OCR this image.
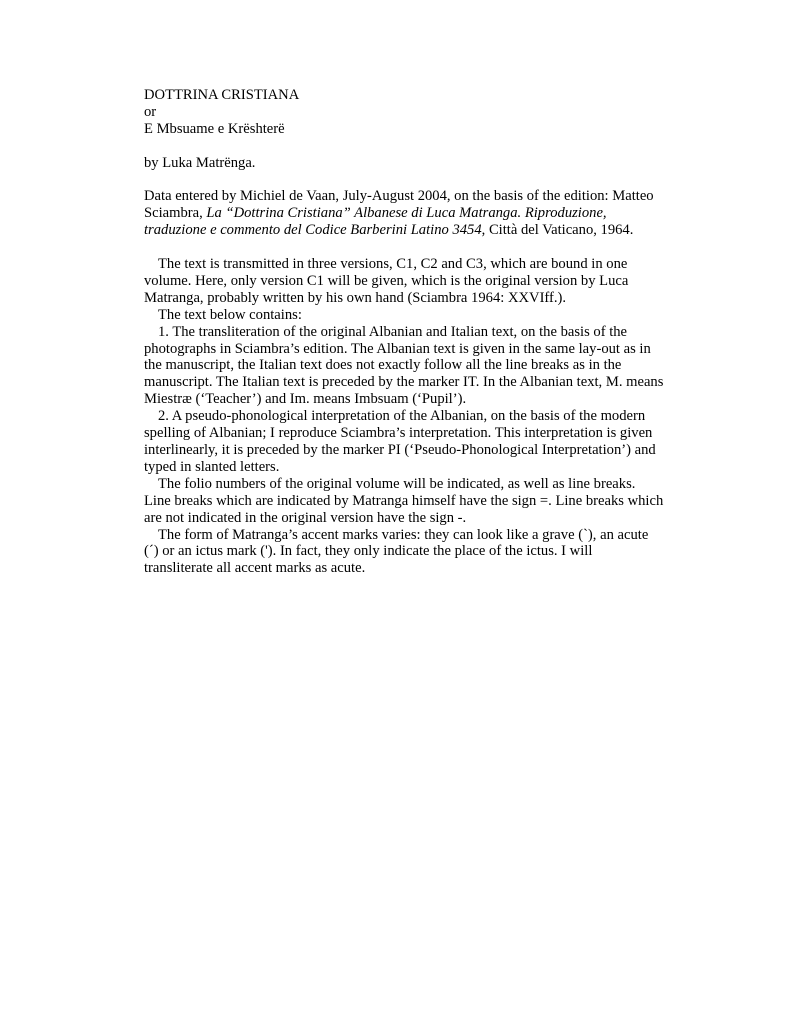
DOTTRINA CRISTIANA
or
E Mbsuame e Krështerë
by Luka Matrënga.
Data entered by Michiel de Vaan, July-August 2004, on the basis of the edition: Matteo Sciambra, La “Dottrina Cristiana” Albanese di Luca Matranga. Riproduzione, traduzione e commento del Codice Barberini Latino 3454, Città del Vaticano, 1964.
The text is transmitted in three versions, C1, C2 and C3, which are bound in one volume. Here, only version C1 will be given, which is the original version by Luca Matranga, probably written by his own hand (Sciambra 1964: XXVIff.).
The text below contains:
1. The transliteration of the original Albanian and Italian text, on the basis of the photographs in Sciambra’s edition. The Albanian text is given in the same lay-out as in the manuscript, the Italian text does not exactly follow all the line breaks as in the manuscript. The Italian text is preceded by the marker IT. In the Albanian text, M. means Miestræ (‘Teacher’) and Im. means Imbsuam (‘Pupil’).
2. A pseudo-phonological interpretation of the Albanian, on the basis of the modern spelling of Albanian; I reproduce Sciambra’s interpretation. This interpretation is given interlinearly, it is preceded by the marker PI (‘Pseudo-Phonological Interpretation’) and typed in slanted letters.
The folio numbers of the original volume will be indicated, as well as line breaks. Line breaks which are indicated by Matranga himself have the sign =. Line breaks which are not indicated in the original version have the sign -.
The form of Matranga’s accent marks varies: they can look like a grave (`), an acute (´) or an ictus mark ('). In fact, they only indicate the place of the ictus. I will transliterate all accent marks as acute.
